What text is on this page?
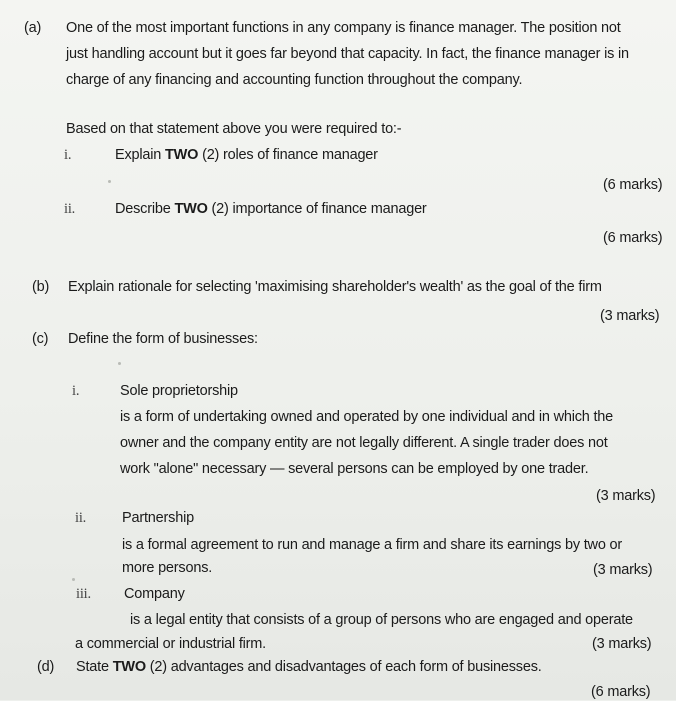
(a) One of the most important functions in any company is finance manager. The position not
just handling account but it goes far beyond that capacity. In fact, the finance manager is in
charge of any financing and accounting function throughout the company.
Based on that statement above you were required to:-
i.	Explain TWO (2) roles of finance manager
(6 marks)
ii.	Describe TWO (2) importance of finance manager
(6 marks)
(b) Explain rationale for selecting 'maximising shareholder's wealth' as the goal of the firm
(3 marks)
(c) Define the form of businesses:
i.	Sole proprietorship
is a form of undertaking owned and operated by one individual and in which the
owner and the company entity are not legally different. A single trader does not
work "alone" necessary — several persons can be employed by one trader.
(3 marks)
ii. Partnership
is a formal agreement to run and manage a firm and share its earnings by two or
more persons.	(3 marks)
iii. Company
is a legal entity that consists of a group of persons who are engaged and operate
a commercial or industrial firm.	(3 marks)
(d) State TWO (2) advantages and disadvantages of each form of businesses.
(6 marks)
